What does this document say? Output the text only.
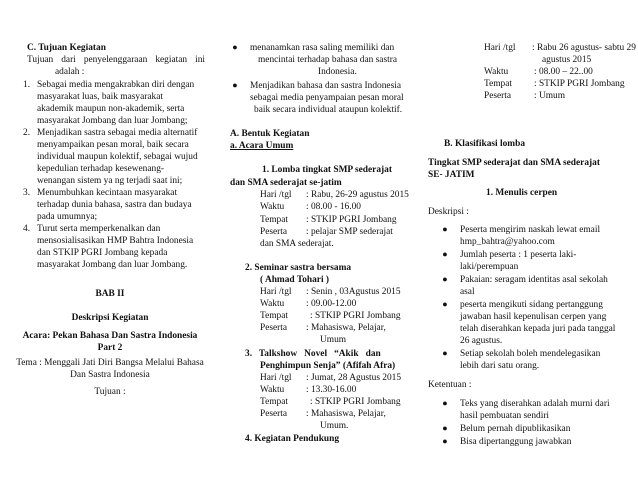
C. Tujuan Kegiatan
Tujuan dari penyelenggaraan kegiatan ini
adalah :
1. Sebagai media mengakrabkan diri dengan
masyarakat luas, baik masyarakat
akademik maupun non-akademik, serta
masyarakat Jombang dan luar Jombang;
2. Menjadikan sastra sebagai media alternatif
menyampaikan pesan moral, baik secara
individual maupun kolektif, sebagai wujud
kepedulian terhadap kesewenang-
wenangan sistem ya ng terjadi saat ini;
3. Menumbuhkan kecintaan masyarakat
terhadap dunia bahasa, sastra dan budaya
pada umumnya;
4. Turut serta memperkenalkan dan
mensosialisasikan HMP Bahtra Indonesia
dan STKIP PGRI Jombang kepada
masyarakat Jombang dan luar Jombang.
BAB II
Deskripsi Kegiatan
Acara: Pekan Bahasa Dan Sastra Indonesia
Part 2
Tema : Menggali Jati Diri Bangsa Melalui Bahasa
Dan Sastra Indonesia
Tujuan :
● menanamkan rasa saling memiliki dan
mencintai terhadap bahasa dan sastra
Indonesia.
● Menjadikan bahasa dan sastra Indonesia
sebagai media penyampaian pesan moral
baik secara individual ataupun kolektif.
A. Bentuk Kegiatan
a. Acara Umum
1. Lomba tingkat SMP sederajat
dan SMA sederajat se-jatim
Hari /tgl : Rabu, 26-29 agustus 2015
Waktu : 08.00 - 16.00
Tempat : STKIP PGRI Jombang
Peserta : pelajar SMP sederajat
dan SMA sederajat.
2. Seminar sastra bersama
( Ahmad Tohari )
Hari /tgl : Senin , 03Agustus 2015
Waktu : 09.00-12.00
Tempat : STKIP PGRI Jombang
Peserta : Mahasiswa, Pelajar,
Umum
3.   Talkshow   Novel   “Akik   dan
Penghimpun Senja” (Afifah Afra)
Hari /tgl : Jumat, 28 Agustus 2015
Waktu : 13.30-16.00
Tempat : STKIP PGRI Jombang
Peserta : Mahasiswa, Pelajar,
Umum.
4. Kegiatan Pendukung
Hari /tgl : Rabu 26 agustus- sabtu 29
agustus 2015
Waktu	: 08.00 – 22..00
Tempat : STKIP PGRI Jombang
Peserta : Umum
B. Klasifikasi lomba
Tingkat SMP sederajat dan SMA sederajat
SE- JATIM
1. Menulis cerpen
Deskripsi :
● Peserta mengirim naskah lewat email
hmp_bahtra@yahoo.com
● Jumlah peserta : 1 peserta laki-
laki/perempuan
● Pakaian: seragam identitas asal sekolah
asal
● peserta mengikuti sidang pertanggung
jawaban hasil kepenulisan cerpen yang
telah diserahkan kepada juri pada tanggal
26 agustus.
● Setiap sekolah boleh mendelegasikan
lebih dari satu orang.
Ketentuan :
● Teks yang diserahkan adalah murni dari
hasil pembuatan sendiri
● Belum pernah dipublikasikan
● Bisa dipertanggung jawabkan
